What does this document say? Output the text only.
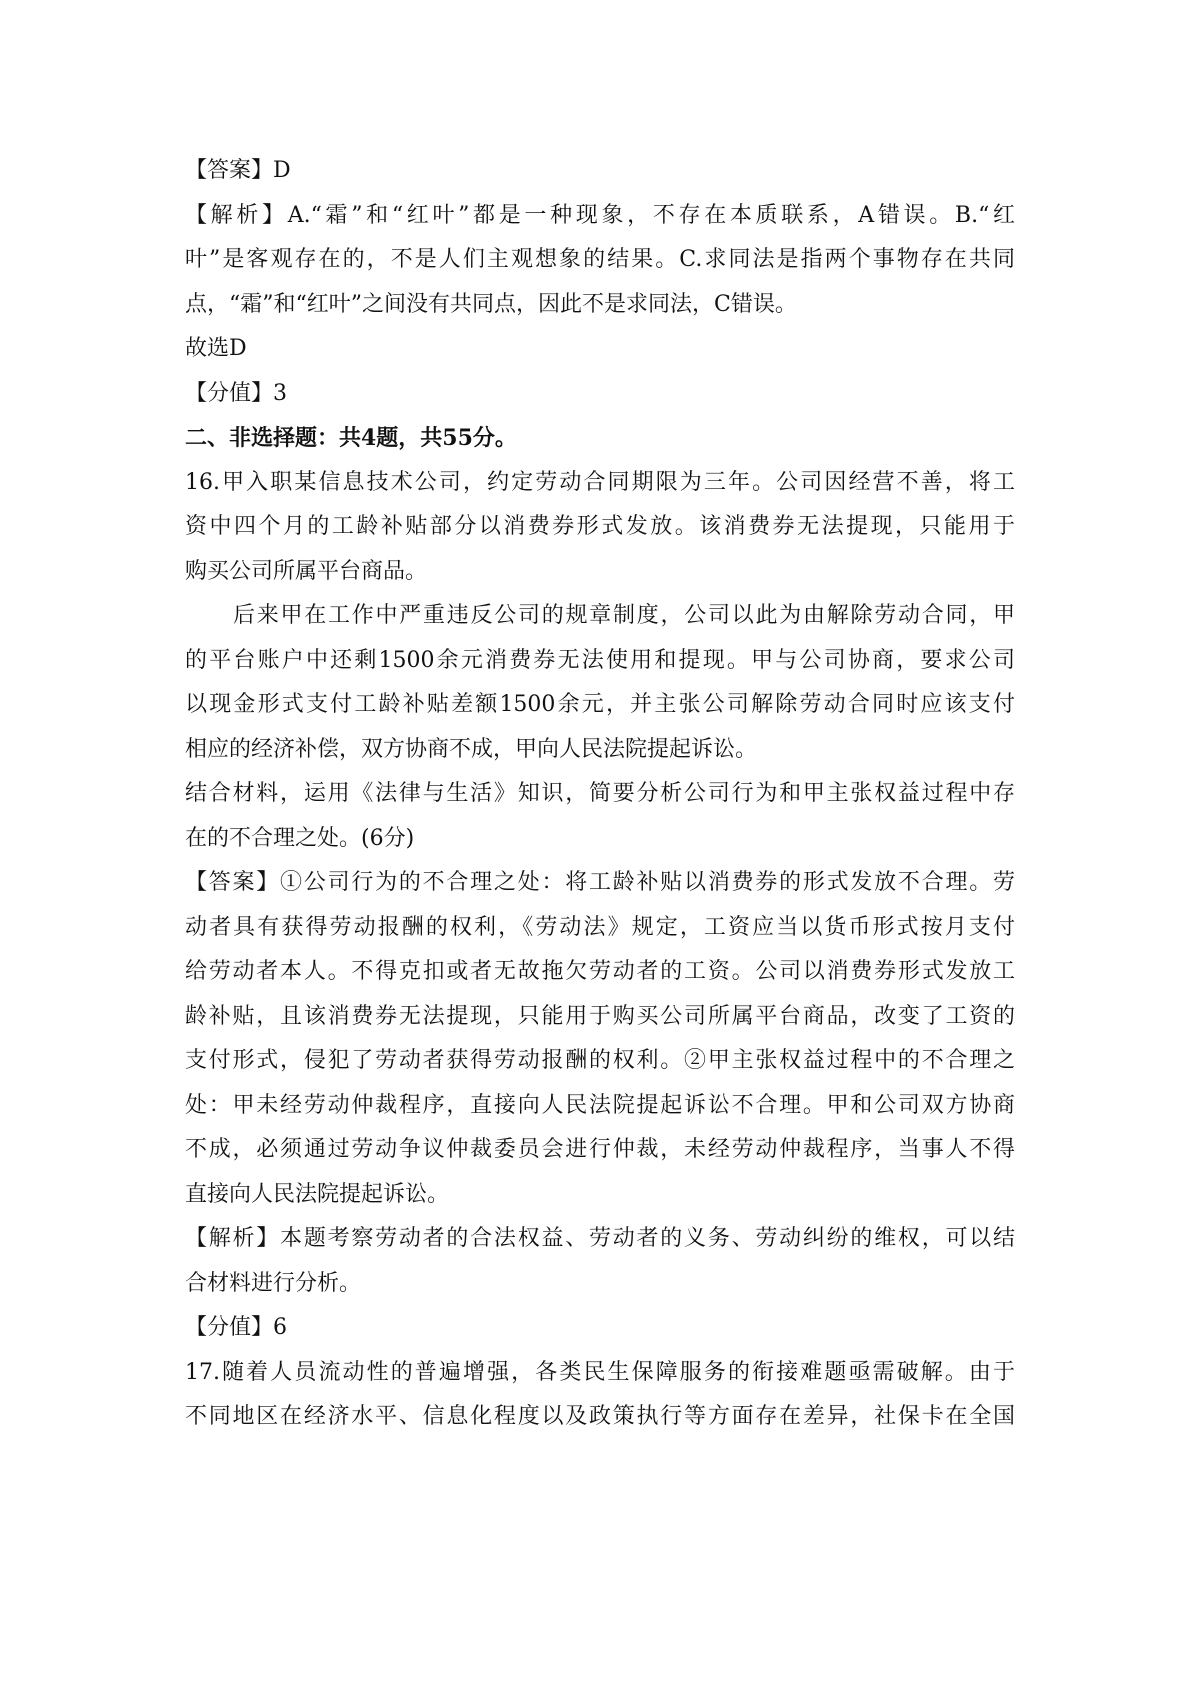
【答案】D
【解析】A.“霜”和“红叶”都是一种现象，不存在本质联系，A错误。B.“红
叶”是客观存在的，不是人们主观想象的结果。C.求同法是指两个事物存在共同
点，“霜”和“红叶”之间没有共同点，因此不是求同法，C错误。
故选D
【分值】3
二、非选择题：共4题，共55分。
16.甲入职某信息技术公司，约定劳动合同期限为三年。公司因经营不善，将工
资中四个月的工龄补贴部分以消费券形式发放。该消费券无法提现，只能用于
购买公司所属平台商品。
后来甲在工作中严重违反公司的规章制度，公司以此为由解除劳动合同，甲
的平台账户中还剩1500余元消费券无法使用和提现。甲与公司协商，要求公司
以现金形式支付工龄补贴差额1500余元，并主张公司解除劳动合同时应该支付
相应的经济补偿，双方协商不成，甲向人民法院提起诉讼。
结合材料，运用《法律与生活》知识，简要分析公司行为和甲主张权益过程中存
在的不合理之处。(6分)
【答案】①公司行为的不合理之处：将工龄补贴以消费券的形式发放不合理。劳
动者具有获得劳动报酬的权利，《劳动法》规定，工资应当以货币形式按月支付
给劳动者本人。不得克扣或者无故拖欠劳动者的工资。公司以消费券形式发放工
龄补贴，且该消费券无法提现，只能用于购买公司所属平台商品，改变了工资的
支付形式，侵犯了劳动者获得劳动报酬的权利。②甲主张权益过程中的不合理之
处：甲未经劳动仲裁程序，直接向人民法院提起诉讼不合理。甲和公司双方协商
不成，必须通过劳动争议仲裁委员会进行仲裁，未经劳动仲裁程序，当事人不得
直接向人民法院提起诉讼。
【解析】本题考察劳动者的合法权益、劳动者的义务、劳动纠纷的维权，可以结
合材料进行分析。
【分值】6
17.随着人员流动性的普遍增强，各类民生保障服务的衔接难题亟需破解。由于
不同地区在经济水平、信息化程度以及政策执行等方面存在差异，社保卡在全国
